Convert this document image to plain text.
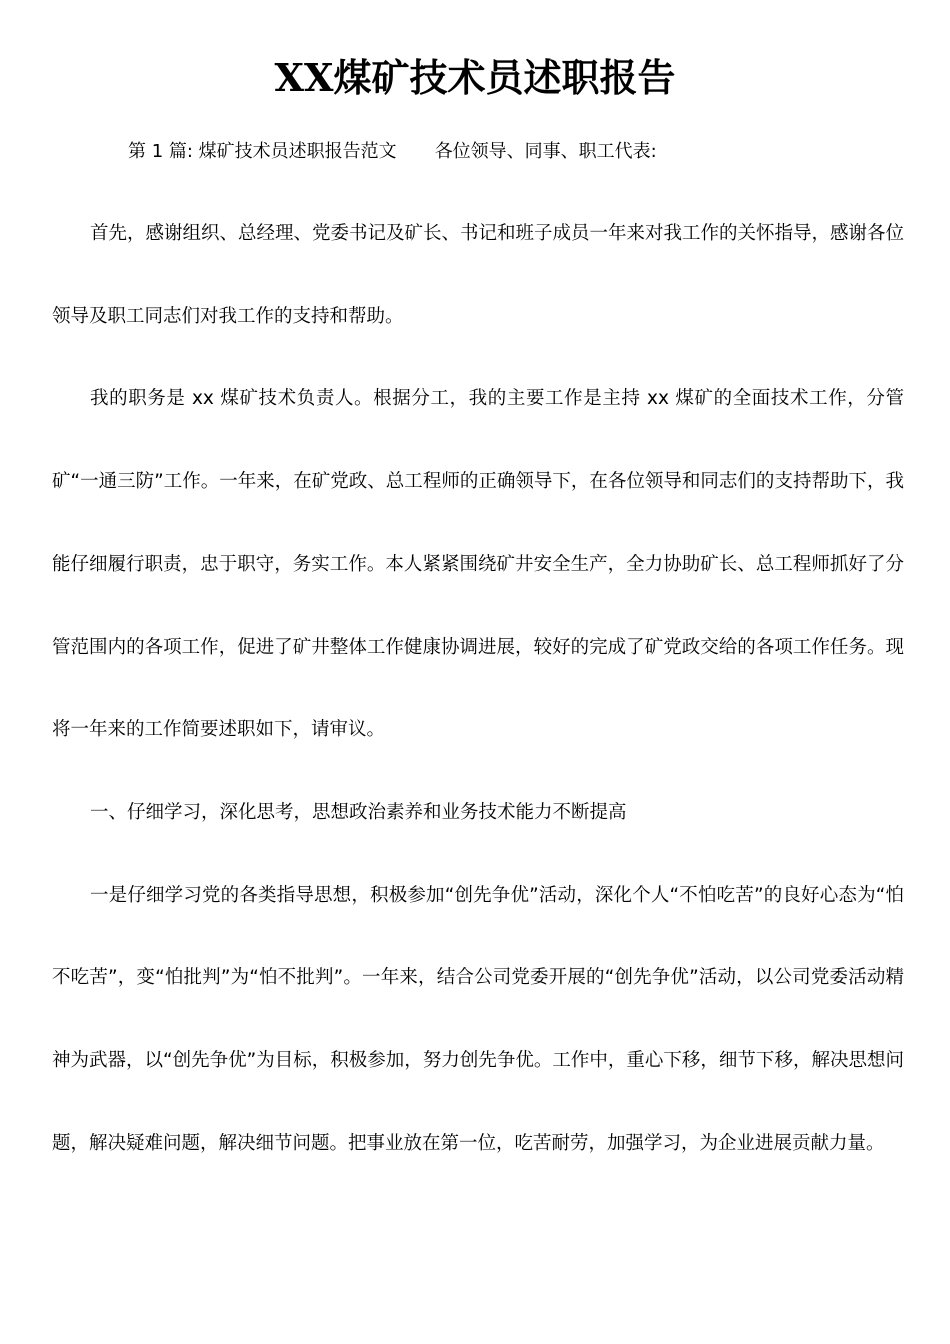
XX煤矿技术员述职报告
第 1 篇: 煤矿技术员述职报告范文 各位领导、同事、职工代表:

首先，感谢组织、总经理、党委书记及矿长、书记和班子成员一年来对我工作的关怀指导，感谢各位领导及职工同志们对我工作的支持和帮助。

我的职务是 xx 煤矿技术负责人。根据分工，我的主要工作是主持 xx 煤矿的全面技术工作，分管矿“一通三防”工作。一年来，在矿党政、总工程师的正确领导下，在各位领导和同志们的支持帮助下，我能仔细履行职责，忠于职守，务实工作。本人紧紧围绕矿井安全生产，全力协助矿长、总工程师抓好了分管范围内的各项工作，促进了矿井整体工作健康协调进展，较好的完成了矿党政交给的各项工作任务。现将一年来的工作简要述职如下，请审议。

一、仔细学习，深化思考，思想政治素养和业务技术能力不断提高

一是仔细学习党的各类指导思想，积极参加“创先争优”活动，深化个人“不怕吃苦”的良好心态为“怕不吃苦”，变“怕批判”为“怕不批判”。一年来，结合公司党委开展的“创先争优”活动，以公司党委活动精神为武器，以“创先争优”为目标，积极参加，努力创先争优。工作中，重心下移，细节下移，解决思想问题，解决疑难问题，解决细节问题。把事业放在第一位，吃苦耐劳，加强学习，为企业进展贡献力量。
